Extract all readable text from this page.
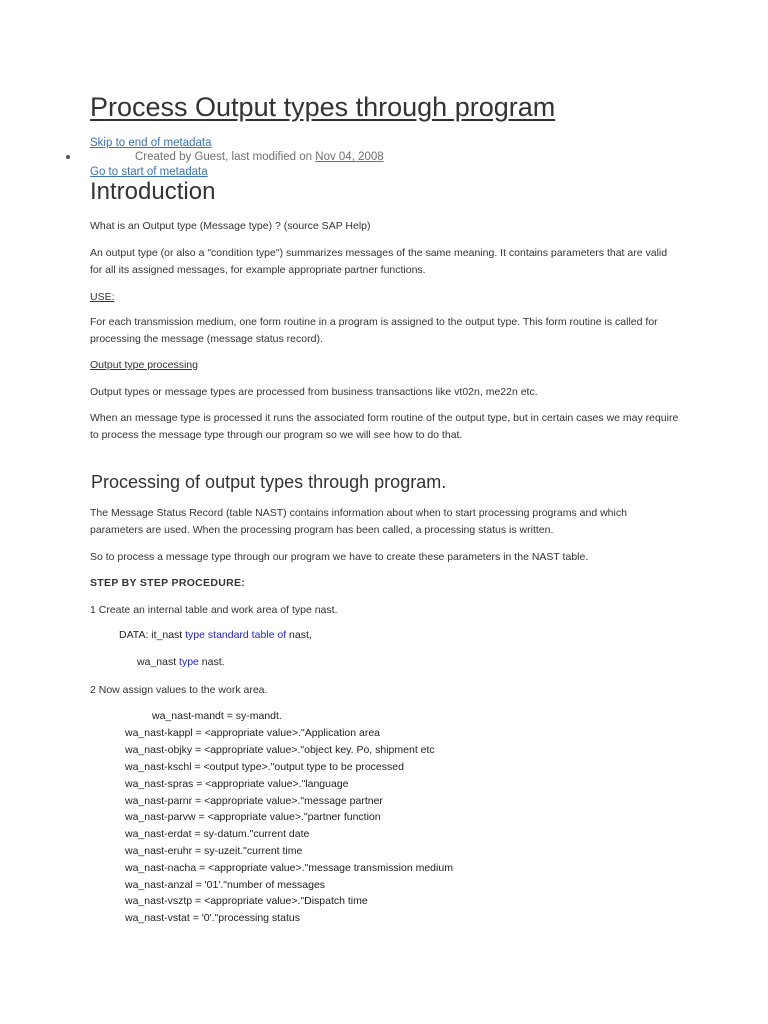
Process Output types through program
Skip to end of metadata
Created by Guest, last modified on Nov 04, 2008
Go to start of metadata
Introduction
What is an Output type (Message type) ? (source SAP Help)
An output type (or also a "condition type") summarizes messages of the same meaning. It contains parameters that are valid for all its assigned messages, for example appropriate partner functions.
USE:
For each transmission medium, one form routine in a program is assigned to the output type. This form routine is called for processing the message (message status record).
Output type processing
Output types or message types are processed from business transactions like vt02n, me22n etc.
When an message type is processed it runs the associated form routine of the output type, but in certain cases we may require to process the message type through our program so we will see how to do that.
Processing of output types through program.
The Message Status Record (table NAST) contains information about when to start processing programs and which parameters are used. When the processing program has been called, a processing status is written.
So to process a message type through our program we have to create these parameters in the NAST table.
STEP BY STEP PROCEDURE:
1 Create an internal table and work area of type nast.
DATA: it_nast type standard table of nast,
wa_nast type nast.
2 Now assign values to the work area.
wa_nast-mandt = sy-mandt.
wa_nast-kappl = <appropriate value>."Application area
wa_nast-objky = <appropriate value>."object key. Po, shipment etc
wa_nast-kschl = <output type>."output type to be processed
wa_nast-spras = <appropriate value>."language
wa_nast-parnr = <appropriate value>."message partner
wa_nast-parvw = <appropriate value>."partner function
wa_nast-erdat = sy-datum."current date
wa_nast-eruhr = sy-uzeit."current time
wa_nast-nacha = <appropriate value>."message transmission medium
wa_nast-anzal = '01'."number of messages
wa_nast-vsztp = <appropriate value>."Dispatch time
wa_nast-vstat = '0'."processing status
